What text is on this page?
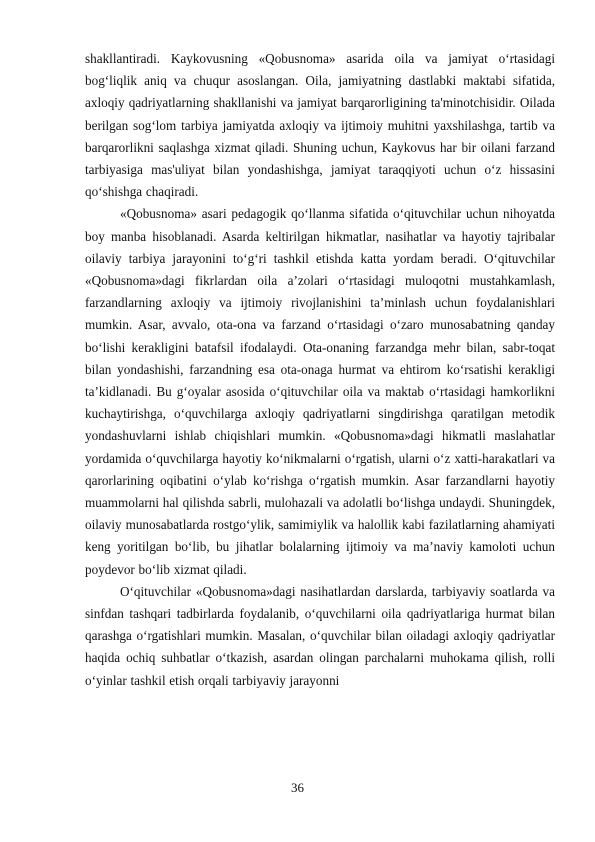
shakllantiradi. Kaykovusning «Qobusnoma» asarida oila va jamiyat o‘rtasidagi bog‘liqlik aniq va chuqur asoslangan. Oila, jamiyatning dastlabki maktabi sifatida, axloqiy qadriyatlarning shakllanishi va jamiyat barqarorligining ta'minotchisidir. Oilada berilgan sog‘lom tarbiya jamiyatda axloqiy va ijtimoiy muhitni yaxshilashga, tartib va barqarorlikni saqlashga xizmat qiladi. Shuning uchun, Kaykovus har bir oilani farzand tarbiyasiga mas'uliyat bilan yondashishga, jamiyat taraqqiyoti uchun o‘z hissasini qo‘shishga chaqiradi.

«Qobusnoma» asari pedagogik qo‘llanma sifatida o‘qituvchilar uchun nihoyatda boy manba hisoblanadi. Asarda keltirilgan hikmatlar, nasihatlar va hayotiy tajribalar oilaviy tarbiya jarayonini to‘g‘ri tashkil etishda katta yordam beradi. O‘qituvchilar «Qobusnoma»dagi fikrlardan oila a’zolari o‘rtasidagi muloqotni mustahkamlash, farzandlarning axloqiy va ijtimoiy rivojlanishini ta’minlash uchun foydalanishlari mumkin. Asar, avvalo, ota-ona va farzand o‘rtasidagi o‘zaro munosabatning qanday bo‘lishi kerakligini batafsil ifodalaydi. Ota-onaning farzandga mehr bilan, sabr-toqat bilan yondashishi, farzandning esa ota-onaga hurmat va ehtirom ko‘rsatishi kerakligi ta’kidlanadi. Bu g‘oyalar asosida o‘qituvchilar oila va maktab o‘rtasidagi hamkorlikni kuchaytirishga, o‘quvchilarga axloqiy qadriyatlarni singdirishga qaratilgan metodik yondashuvlarni ishlab chiqishlari mumkin. «Qobusnoma»dagi hikmatli maslahatlar yordamida o‘quvchilarga hayotiy ko‘nikmalarni o‘rgatish, ularni o‘z xatti-harakatlari va qarorlarining oqibatini o‘ylab ko‘rishga o‘rgatish mumkin. Asar farzandlarni hayotiy muammolarni hal qilishda sabrli, mulohazali va adolatli bo‘lishga undaydi. Shuningdek, oilaviy munosabatlarda rostgo‘ylik, samimiylik va halollik kabi fazilatlarning ahamiyati keng yoritilgan bo‘lib, bu jihatlar bolalarning ijtimoiy va ma’naviy kamoloti uchun poydevor bo‘lib xizmat qiladi.

O‘qituvchilar «Qobusnoma»dagi nasihatlardan darslarda, tarbiyaviy soatlarda va sinfdan tashqari tadbirlarda foydalanib, o‘quvchilarni oila qadriyatlariga hurmat bilan qarashga o‘rgatishlari mumkin. Masalan, o‘quvchilar bilan oiladagi axloqiy qadriyatlar haqida ochiq suhbatlar o‘tkazish, asardan olingan parchalarni muhokama qilish, rolli o‘yinlar tashkil etish orqali tarbiyaviy jarayonni

36
